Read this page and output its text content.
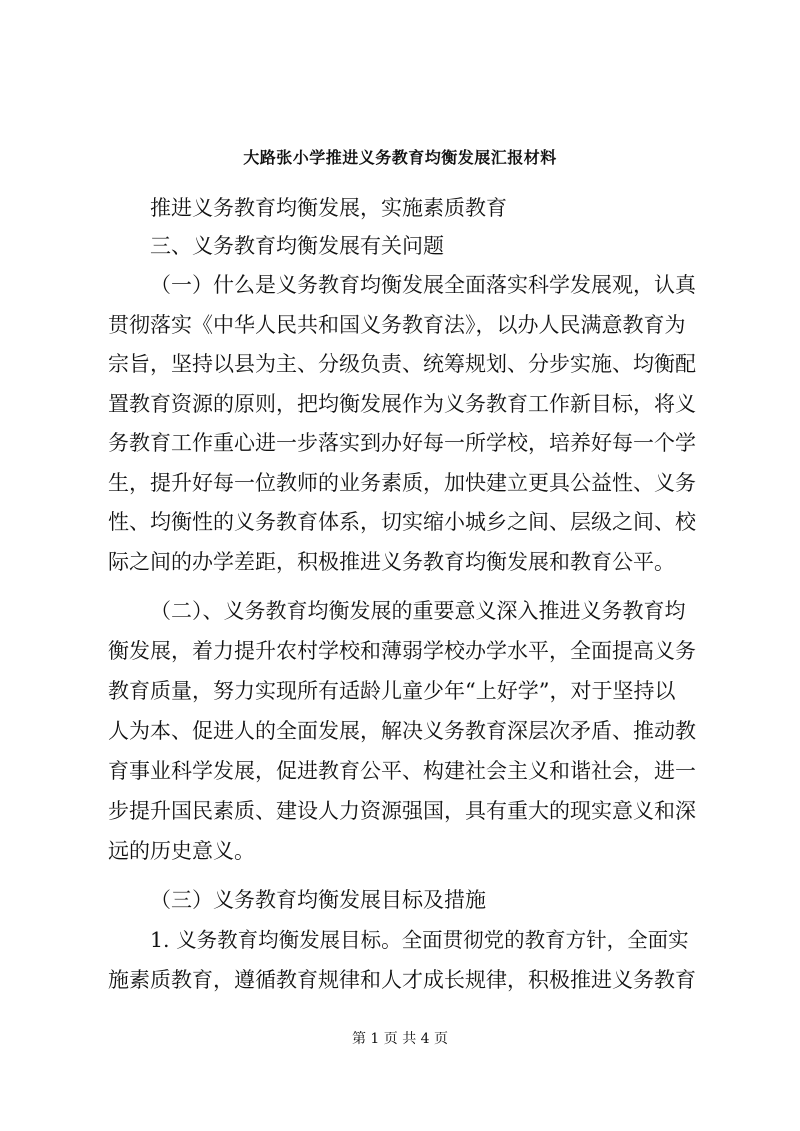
大路张小学推进义务教育均衡发展汇报材料
推进义务教育均衡发展，实施素质教育
三、义务教育均衡发展有关问题
（一）什么是义务教育均衡发展全面落实科学发展观，认真
贯彻落实《中华人民共和国义务教育法》，以办人民满意教育为
宗旨，坚持以县为主、分级负责、统筹规划、分步实施、均衡配
置教育资源的原则，把均衡发展作为义务教育工作新目标，将义
务教育工作重心进一步落实到办好每一所学校，培养好每一个学
生，提升好每一位教师的业务素质，加快建立更具公益性、义务
性、均衡性的义务教育体系，切实缩小城乡之间、层级之间、校
际之间的办学差距，积极推进义务教育均衡发展和教育公平。
（二）、义务教育均衡发展的重要意义深入推进义务教育均
衡发展，着力提升农村学校和薄弱学校办学水平，全面提高义务
教育质量，努力实现所有适龄儿童少年“上好学”，对于坚持以
人为本、促进人的全面发展，解决义务教育深层次矛盾、推动教
育事业科学发展，促进教育公平、构建社会主义和谐社会，进一
步提升国民素质、建设人力资源强国，具有重大的现实意义和深
远的历史意义。
（三）义务教育均衡发展目标及措施
1. 义务教育均衡发展目标。全面贯彻党的教育方针，全面实
施素质教育，遵循教育规律和人才成长规律，积极推进义务教育
第 1 页 共 4 页
